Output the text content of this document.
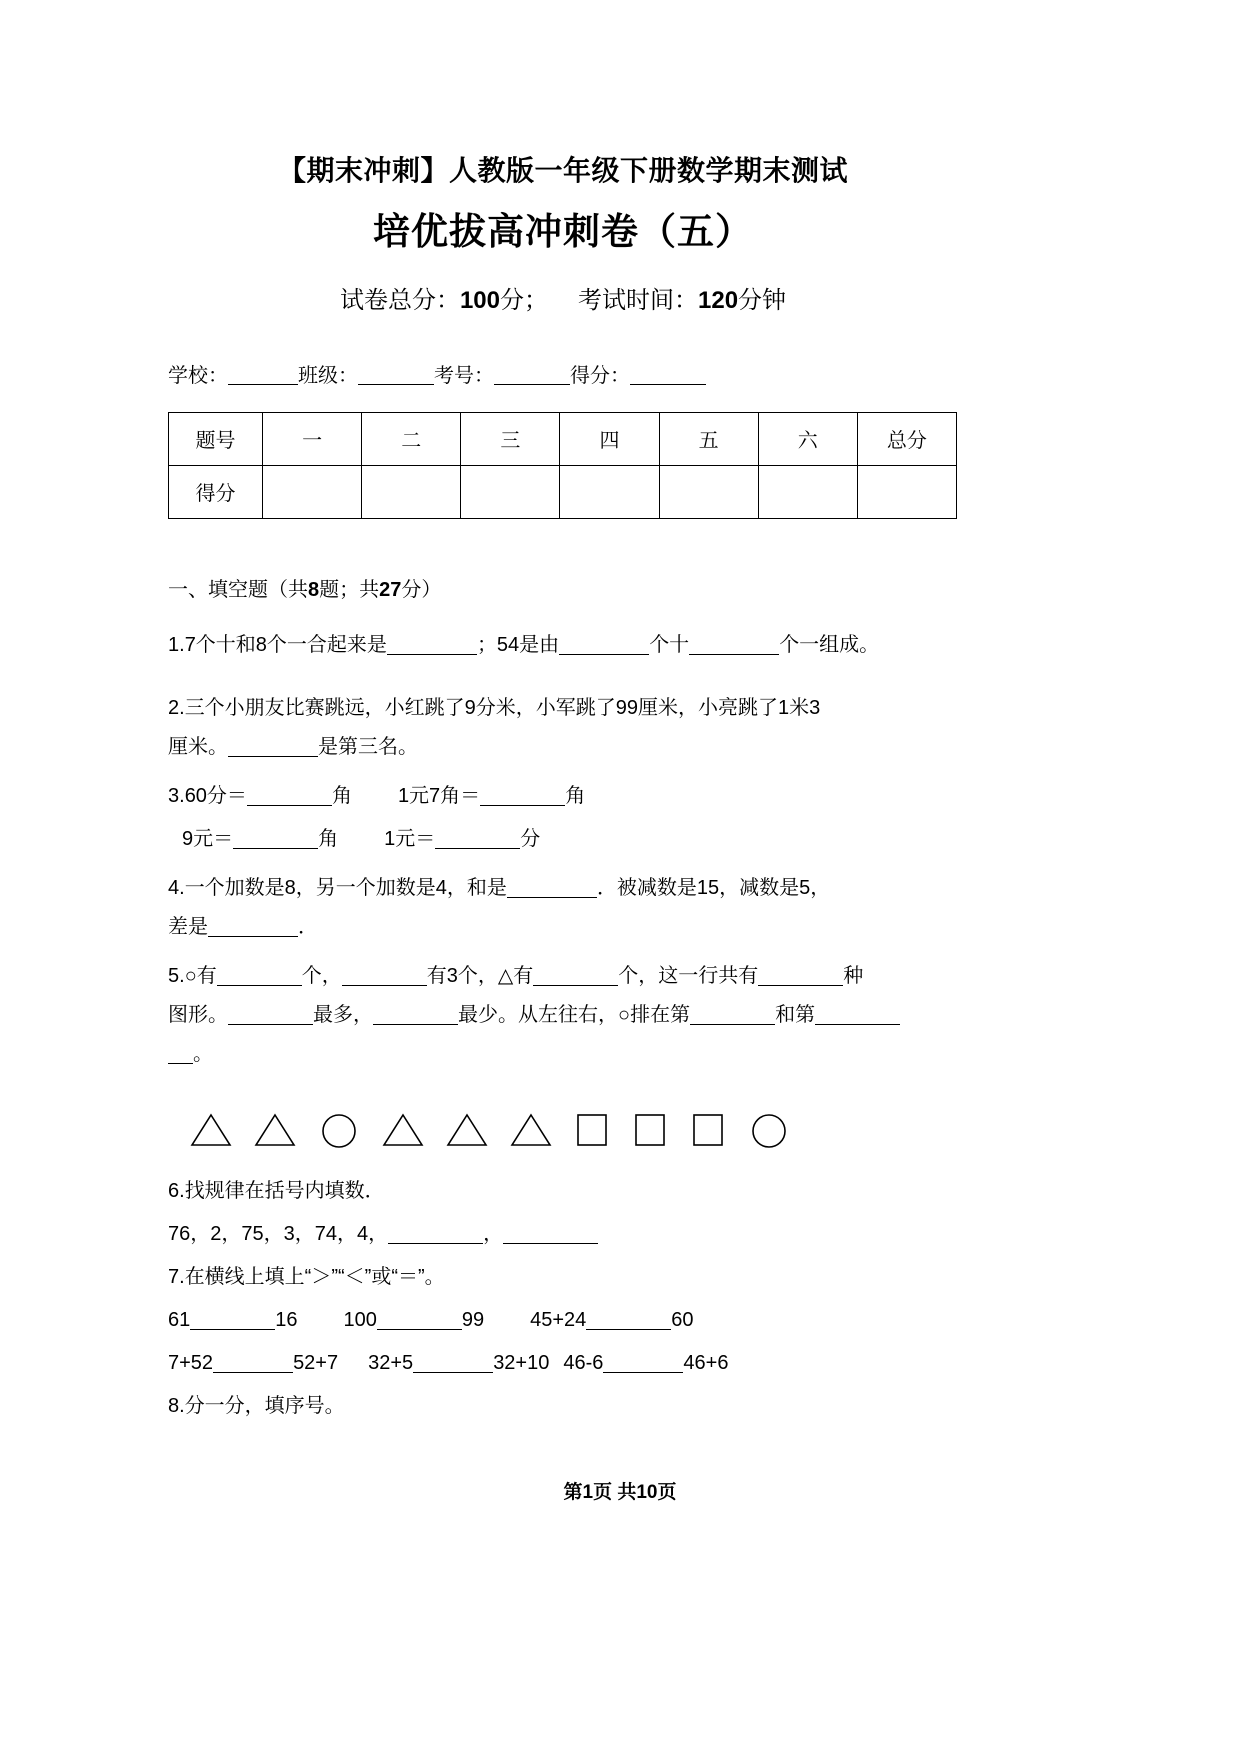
【期末冲刺】人教版一年级下册数学期末测试
培优拔高冲刺卷（五）
试卷总分：100分； 考试时间：120分钟
学校：	班级：	考号：	得分：
题号	一	二	三	四	五	六	总分
得分							
一、填空题（共8题；共27分）
1.7个十和8个一合起来是	；54是由	个十	个一组成。
2.三个小朋友比赛跳远，小红跳了9分米，小军跳了99厘米，小亮跳了1米3
厘米。	是第三名。
3.60分＝	角 1元7角＝	角
9元＝	角 1元＝	分
4.一个加数是8，另一个加数是4，和是	．被减数是15，减数是5，
差是	．
5.○有	个，	有3个，△有	个，这一行共有	种
图形。	最多，	最少。从左往右，○排在第	和第
。
6.找规律在括号内填数．
76，2，75，3，74，4，	，
7.在横线上填上“＞”“＜”或“＝”。
61	16 100	99 45+24	60
7+52	52+7 32+5	32+10 46-6	46+6
8.分一分，填序号。
第1页 共10页
